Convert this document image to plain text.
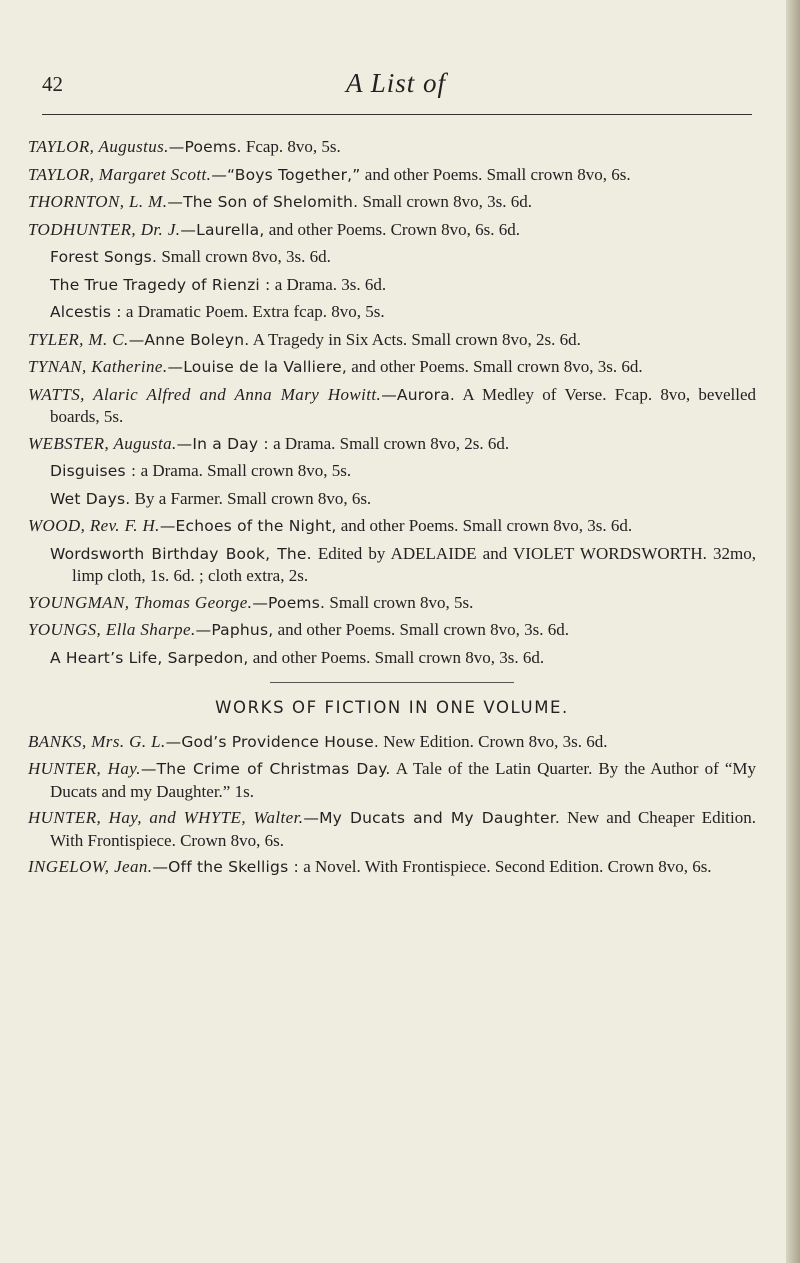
42	A List of

TAYLOR, Augustus.—Poems. Fcap. 8vo, 5s.

TAYLOR, Margaret Scott.—“Boys Together,” and other Poems. Small crown 8vo, 6s.

THORNTON, L. M.—The Son of Shelomith. Small crown 8vo, 3s. 6d.

TODHUNTER, Dr. J.—Laurella, and other Poems. Crown 8vo, 6s. 6d.

Forest Songs. Small crown 8vo, 3s. 6d.

The True Tragedy of Rienzi : a Drama. 3s. 6d.

Alcestis : a Dramatic Poem. Extra fcap. 8vo, 5s.

TYLER, M. C.—Anne Boleyn. A Tragedy in Six Acts. Small crown 8vo, 2s. 6d.

TYNAN, Katherine.—Louise de la Valliere, and other Poems. Small crown 8vo, 3s. 6d.

WATTS, Alaric Alfred and Anna Mary Howitt.—Aurora. A Medley of Verse. Fcap. 8vo, bevelled boards, 5s.

WEBSTER, Augusta.—In a Day : a Drama. Small crown 8vo, 2s. 6d.

Disguises : a Drama. Small crown 8vo, 5s.

Wet Days. By a Farmer. Small crown 8vo, 6s.

WOOD, Rev. F. H.—Echoes of the Night, and other Poems. Small crown 8vo, 3s. 6d.

Wordsworth Birthday Book, The. Edited by ADELAIDE and VIOLET WORDSWORTH. 32mo, limp cloth, 1s. 6d. ; cloth extra, 2s.

YOUNGMAN, Thomas George.—Poems. Small crown 8vo, 5s.

YOUNGS, Ella Sharpe.—Paphus, and other Poems. Small crown 8vo, 3s. 6d.

A Heart’s Life, Sarpedon, and other Poems. Small crown 8vo, 3s. 6d.

WORKS OF FICTION IN ONE VOLUME.

BANKS, Mrs. G. L.—God’s Providence House. New Edition. Crown 8vo, 3s. 6d.

HUNTER, Hay.—The Crime of Christmas Day. A Tale of the Latin Quarter. By the Author of “My Ducats and my Daughter.” 1s.

HUNTER, Hay, and WHYTE, Walter.—My Ducats and My Daughter. New and Cheaper Edition. With Frontispiece. Crown 8vo, 6s.

INGELOW, Jean.—Off the Skelligs : a Novel. With Frontispiece. Second Edition. Crown 8vo, 6s.
